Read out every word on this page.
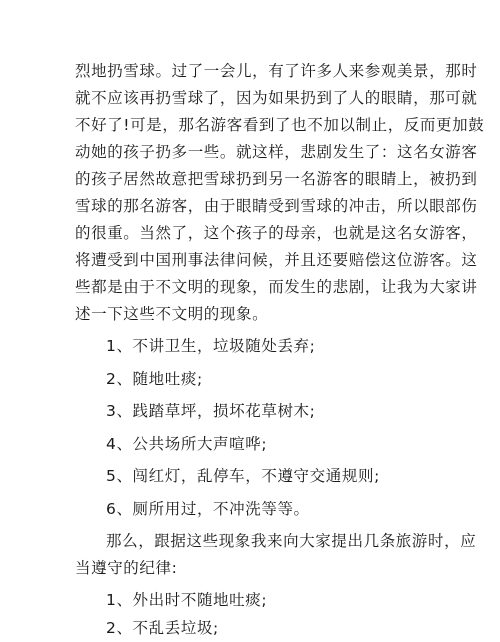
烈地扔雪球。过了一会儿，有了许多人来参观美景，那时
就不应该再扔雪球了，因为如果扔到了人的眼睛，那可就
不好了!可是，那名游客看到了也不加以制止，反而更加鼓
动她的孩子扔多一些。就这样，悲剧发生了：这名女游客
的孩子居然故意把雪球扔到另一名游客的眼睛上，被扔到
雪球的那名游客，由于眼睛受到雪球的冲击，所以眼部伤
的很重。当然了，这个孩子的母亲，也就是这名女游客，
将遭受到中国刑事法律问候，并且还要赔偿这位游客。这
些都是由于不文明的现象，而发生的悲剧，让我为大家讲
述一下这些不文明的现象。

1、不讲卫生，垃圾随处丢弃;
2、随地吐痰;
3、践踏草坪，损坏花草树木;
4、公共场所大声喧哗;
5、闯红灯，乱停车，不遵守交通规则;
6、厕所用过，不冲洗等等。

那么，跟据这些现象我来向大家提出几条旅游时，应
当遵守的纪律:

1、外出时不随地吐痰;
2、不乱丢垃圾;
